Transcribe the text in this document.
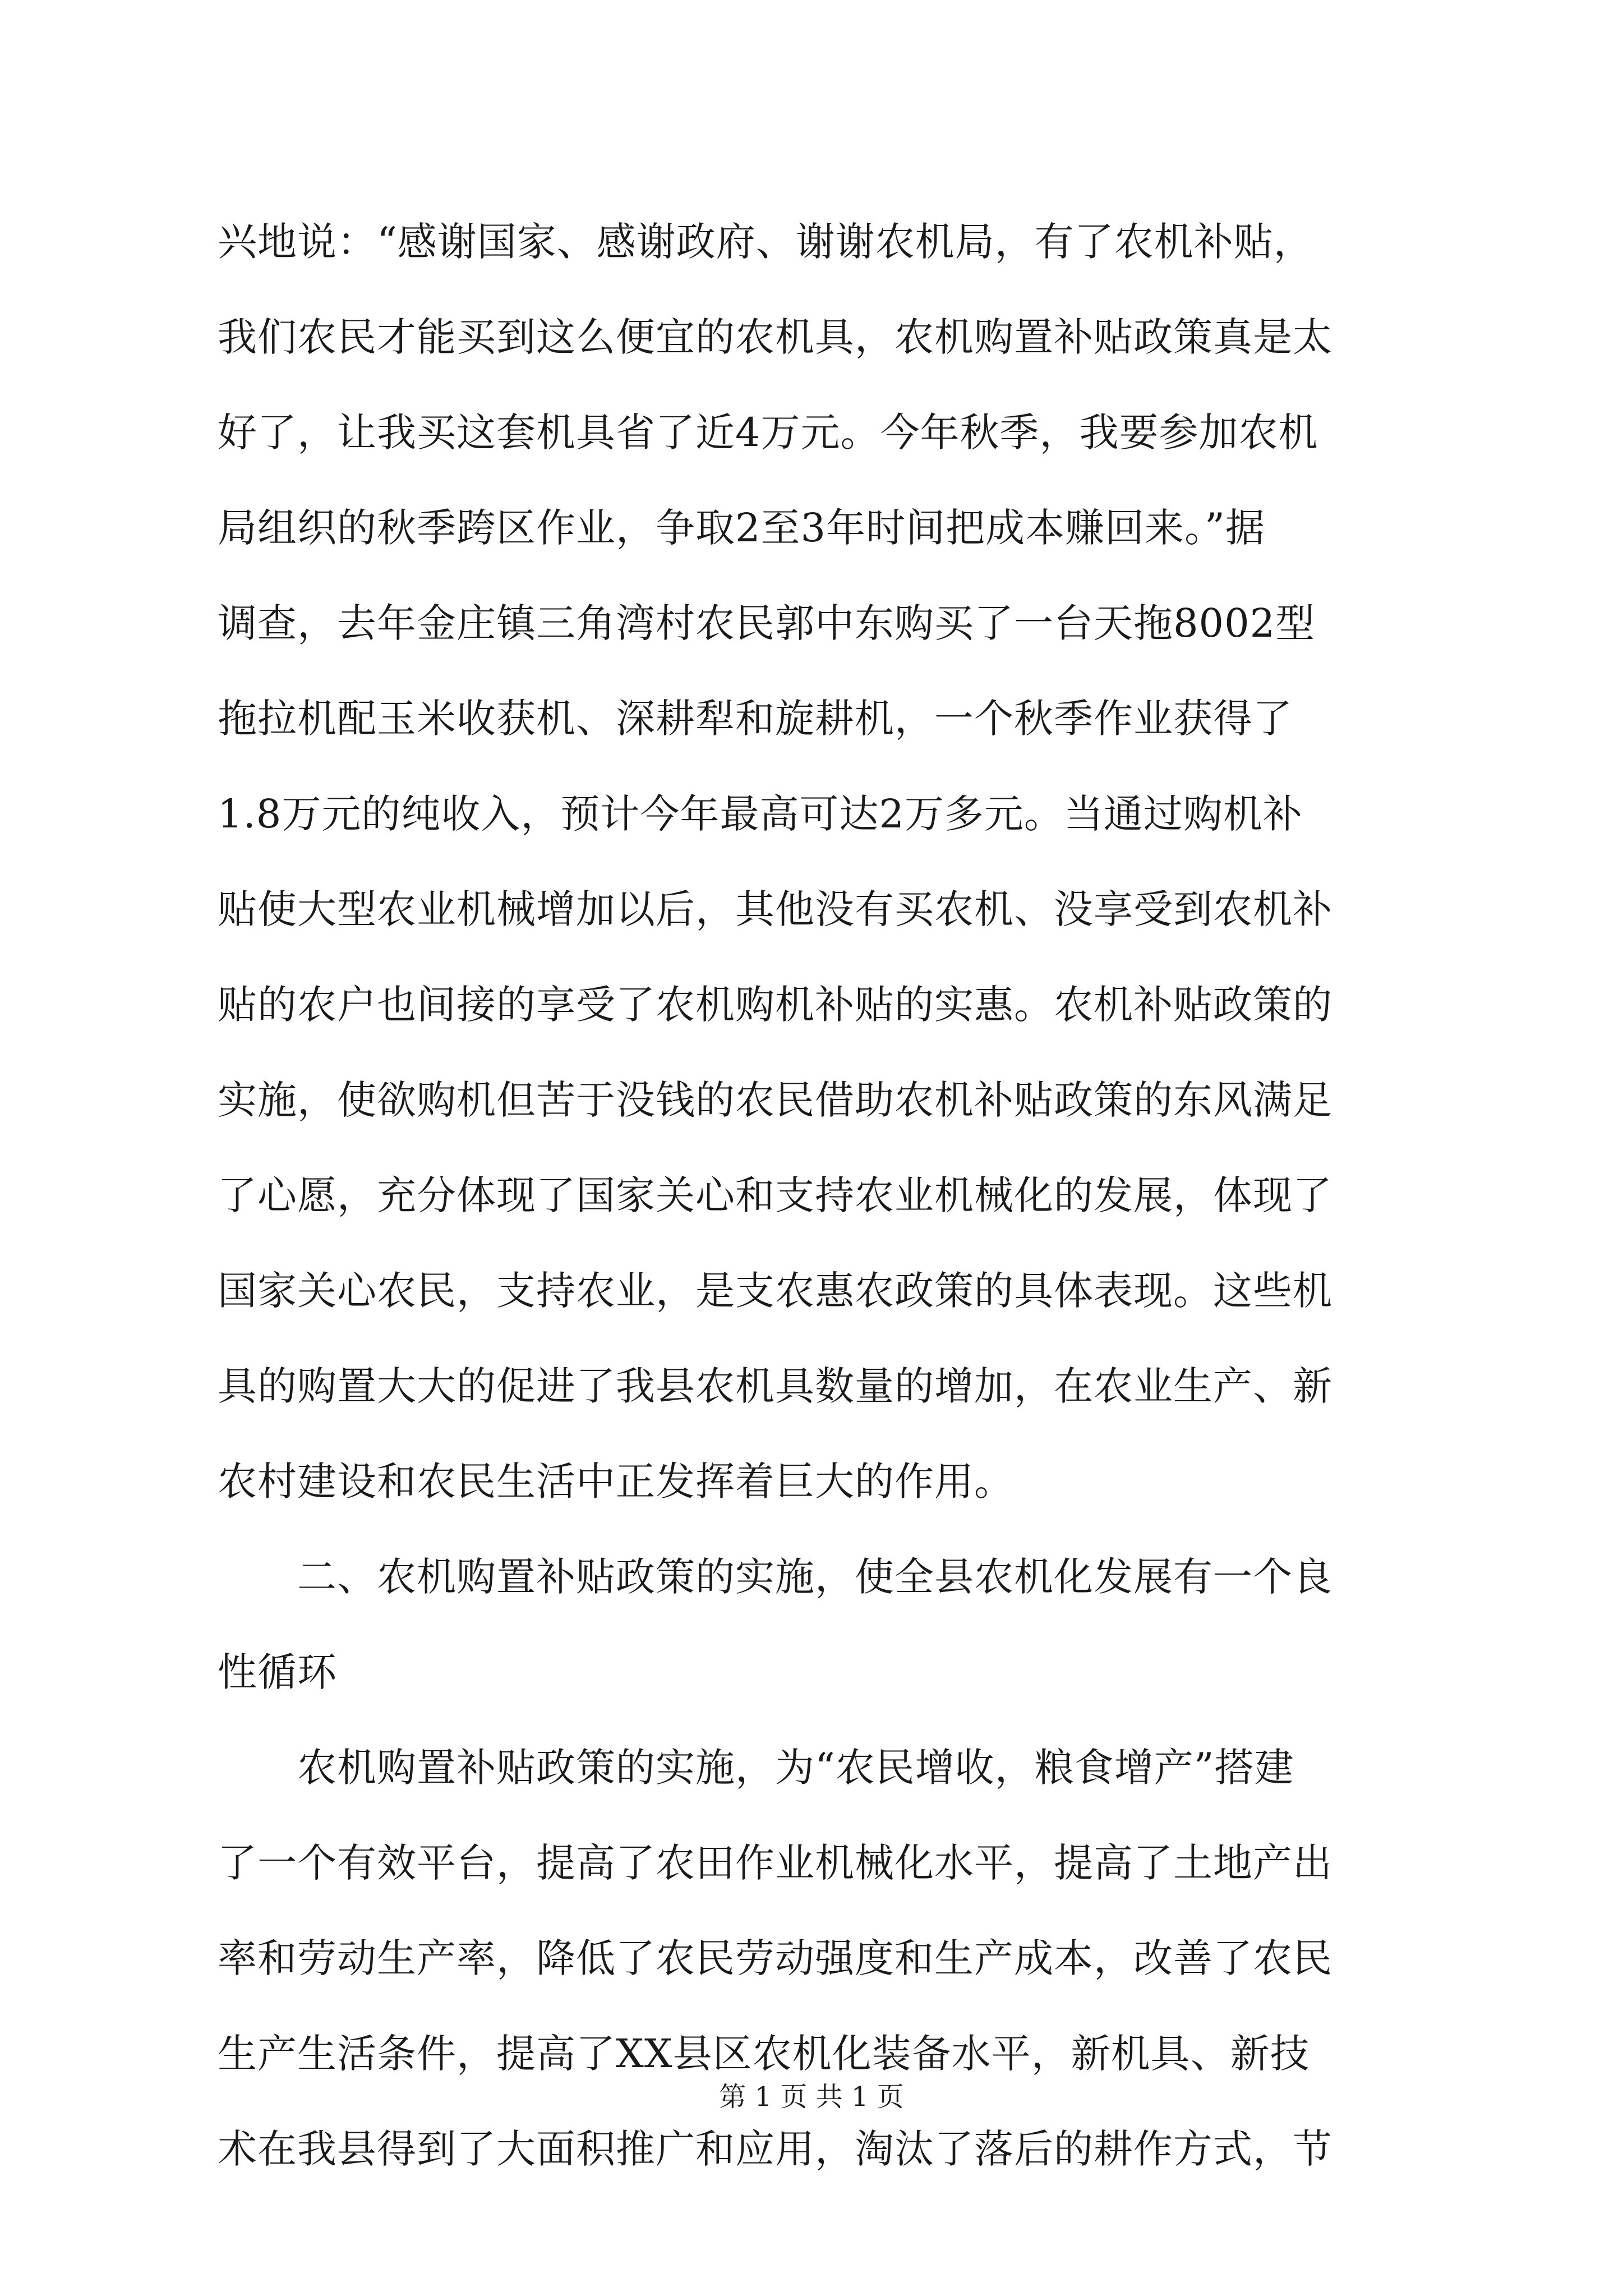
兴地说：“感谢国家、感谢政府、谢谢农机局，有了农机补贴，
我们农民才能买到这么便宜的农机具，农机购置补贴政策真是太
好了，让我买这套机具省了近4万元。今年秋季，我要参加农机
局组织的秋季跨区作业，争取2至3年时间把成本赚回来。”据
调查，去年金庄镇三角湾村农民郭中东购买了一台天拖8002型
拖拉机配玉米收获机、深耕犁和旋耕机，一个秋季作业获得了
1.8万元的纯收入，预计今年最高可达2万多元。当通过购机补
贴使大型农业机械增加以后，其他没有买农机、没享受到农机补
贴的农户也间接的享受了农机购机补贴的实惠。农机补贴政策的
实施，使欲购机但苦于没钱的农民借助农机补贴政策的东风满足
了心愿，充分体现了国家关心和支持农业机械化的发展，体现了
国家关心农民，支持农业，是支农惠农政策的具体表现。这些机
具的购置大大的促进了我县农机具数量的增加，在农业生产、新
农村建设和农民生活中正发挥着巨大的作用。
二、农机购置补贴政策的实施，使全县农机化发展有一个良
性循环
农机购置补贴政策的实施，为“农民增收，粮食增产”搭建
了一个有效平台，提高了农田作业机械化水平，提高了土地产出
率和劳动生产率，降低了农民劳动强度和生产成本，改善了农民
生产生活条件，提高了XX县区农机化装备水平，新机具、新技
术在我县得到了大面积推广和应用，淘汰了落后的耕作方式，节
第 1 页 共 1 页
